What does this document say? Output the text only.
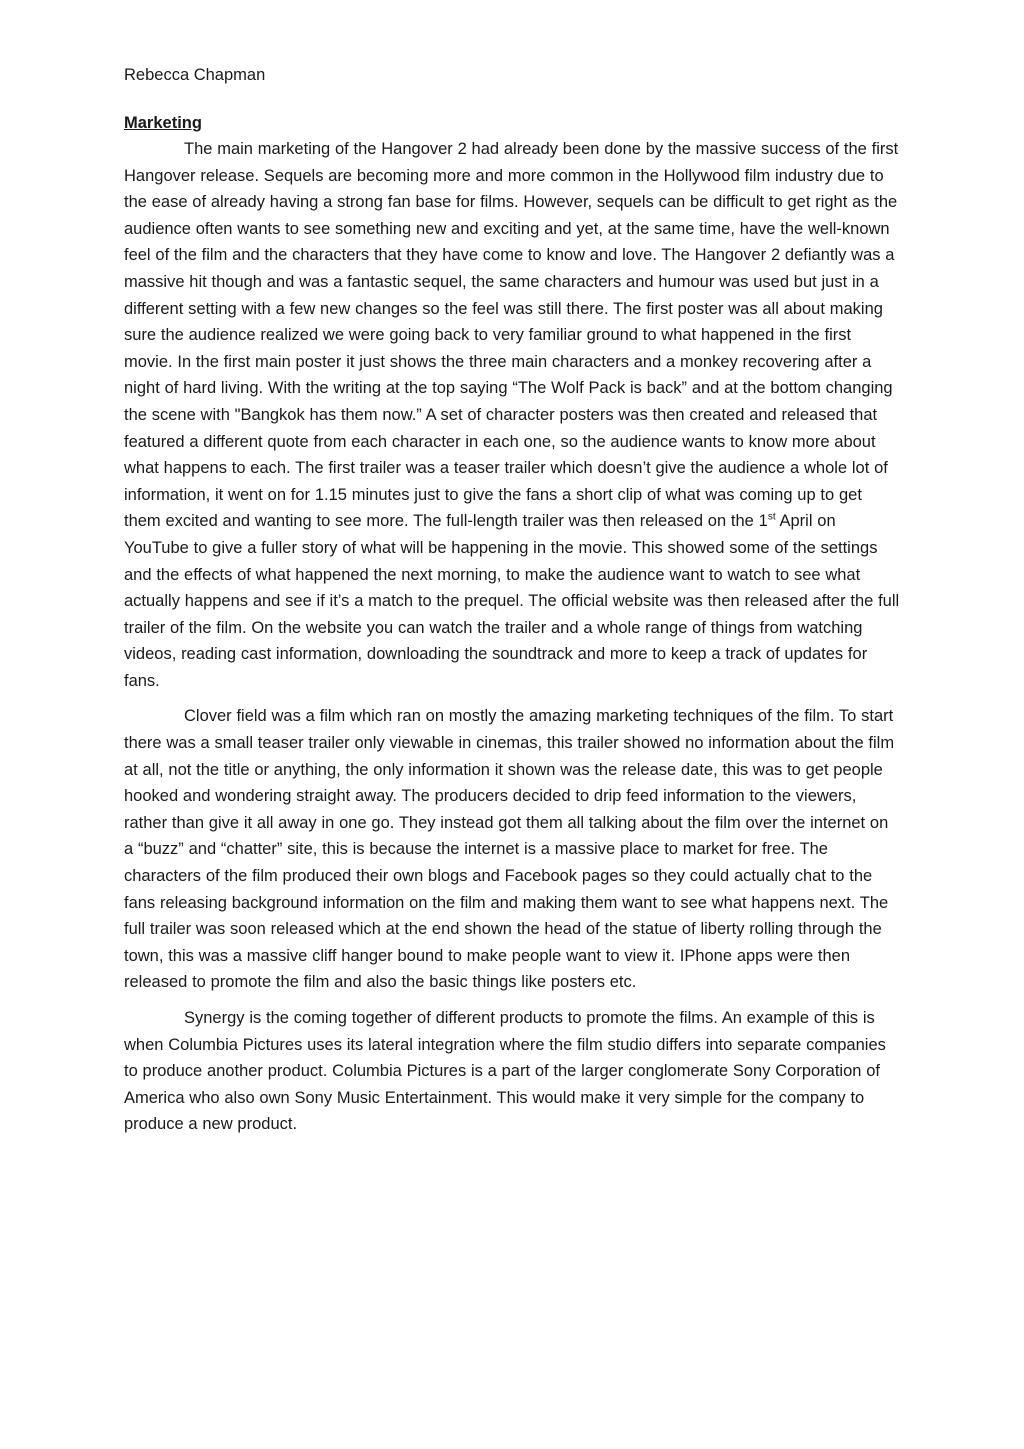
Rebecca Chapman

Marketing

The main marketing of the Hangover 2 had already been done by the massive success of the first Hangover release. Sequels are becoming more and more common in the Hollywood film industry due to the ease of already having a strong fan base for films. However, sequels can be difficult to get right as the audience often wants to see something new and exciting and yet, at the same time, have the well-known feel of the film and the characters that they have come to know and love. The Hangover 2 defiantly was a massive hit though and was a fantastic sequel, the same characters and humour was used but just in a different setting with a few new changes so the feel was still there. The first poster was all about making sure the audience realized we were going back to very familiar ground to what happened in the first movie. In the first main poster it just shows the three main characters and a monkey recovering after a night of hard living. With the writing at the top saying “The Wolf Pack is back” and at the bottom changing the scene with "Bangkok has them now.” A set of character posters was then created and released that featured a different quote from each character in each one, so the audience wants to know more about what happens to each. The first trailer was a teaser trailer which doesn’t give the audience a whole lot of information, it went on for 1.15 minutes just to give the fans a short clip of what was coming up to get them excited and wanting to see more. The full-length trailer was then released on the 1st April on YouTube to give a fuller story of what will be happening in the movie. This showed some of the settings and the effects of what happened the next morning, to make the audience want to watch to see what actually happens and see if it’s a match to the prequel. The official website was then released after the full trailer of the film. On the website you can watch the trailer and a whole range of things from watching videos, reading cast information, downloading the soundtrack and more to keep a track of updates for fans.

Clover field was a film which ran on mostly the amazing marketing techniques of the film. To start there was a small teaser trailer only viewable in cinemas, this trailer showed no information about the film at all, not the title or anything, the only information it shown was the release date, this was to get people hooked and wondering straight away. The producers decided to drip feed information to the viewers, rather than give it all away in one go. They instead got them all talking about the film over the internet on a “buzz” and “chatter” site, this is because the internet is a massive place to market for free. The characters of the film produced their own blogs and Facebook pages so they could actually chat to the fans releasing background information on the film and making them want to see what happens next. The full trailer was soon released which at the end shown the head of the statue of liberty rolling through the town, this was a massive cliff hanger bound to make people want to view it. IPhone apps were then released to promote the film and also the basic things like posters etc.

Synergy is the coming together of different products to promote the films. An example of this is when Columbia Pictures uses its lateral integration where the film studio differs into separate companies to produce another product. Columbia Pictures is a part of the larger conglomerate Sony Corporation of America who also own Sony Music Entertainment. This would make it very simple for the company to produce a new product.
